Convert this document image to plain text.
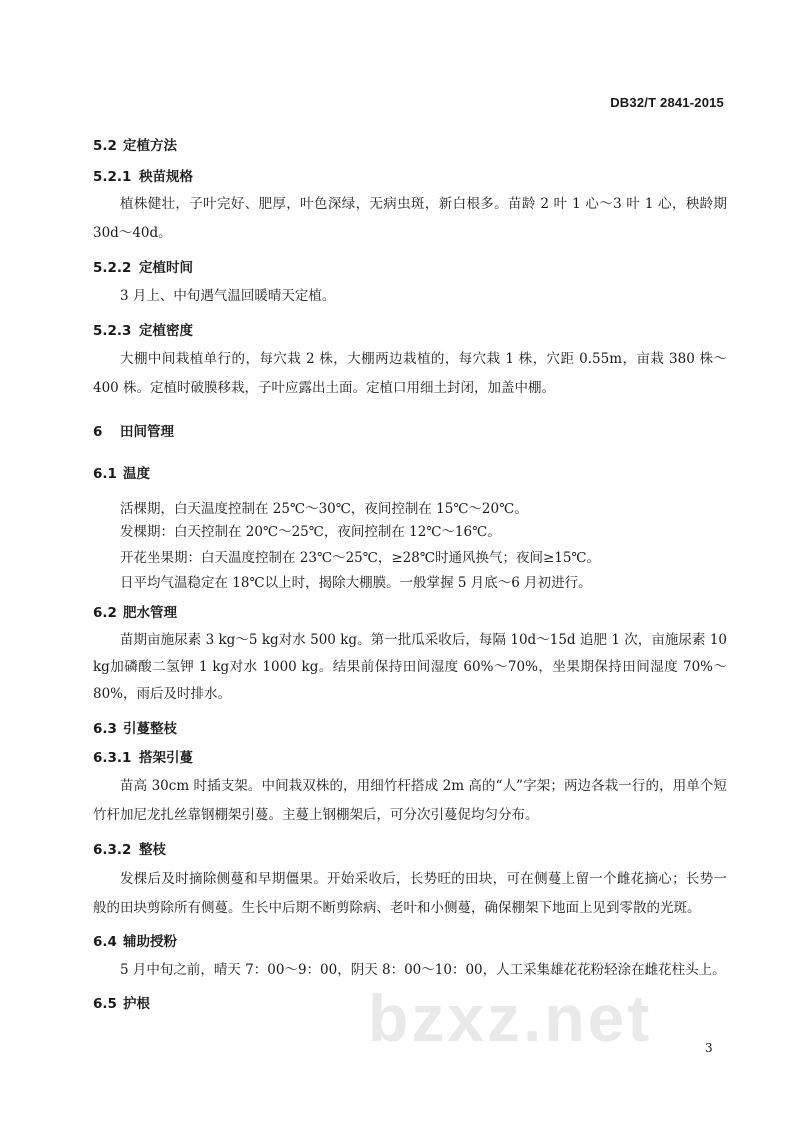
DB32/T 2841-2015
5.2 定植方法
5.2.1 秧苗规格
植株健壮，子叶完好、肥厚，叶色深绿，无病虫斑，新白根多。苗龄 2 叶 1 心～3 叶 1 心，秧龄期 30d～40d。
5.2.2 定植时间
3 月上、中旬遇气温回暖晴天定植。
5.2.3 定植密度
大棚中间栽植单行的，每穴栽 2 株，大棚两边栽植的，每穴栽 1 株，穴距 0.55m，亩栽 380 株～400 株。定植时破膜移栽，子叶应露出土面。定植口用细土封闭，加盖中棚。
6 田间管理
6.1 温度
活棵期，白天温度控制在 25℃～30℃，夜间控制在 15℃～20℃。
发棵期：白天控制在 20℃～25℃，夜间控制在 12℃～16℃。
开花坐果期：白天温度控制在 23℃～25℃，≥28℃时通风换气；夜间≥15℃。
日平均气温稳定在 18℃以上时，揭除大棚膜。一般掌握 5 月底～6 月初进行。
6.2 肥水管理
苗期亩施尿素 3 kg～5 kg对水 500 kg。第一批瓜采收后，每隔 10d～15d 追肥 1 次，亩施尿素 10 kg加磷酸二氢钾 1 kg对水 1000 kg。结果前保持田间湿度 60%～70%，坐果期保持田间湿度 70%～80%，雨后及时排水。
6.3 引蔓整枝
6.3.1 搭架引蔓
苗高 30cm 时插支架。中间栽双株的，用细竹杆搭成 2m 高的“人”字架；两边各栽一行的，用单个短竹杆加尼龙扎丝靠钢棚架引蔓。主蔓上钢棚架后，可分次引蔓促均匀分布。
6.3.2 整枝
发棵后及时摘除侧蔓和早期僵果。开始采收后，长势旺的田块，可在侧蔓上留一个雌花摘心；长势一般的田块剪除所有侧蔓。生长中后期不断剪除病、老叶和小侧蔓，确保棚架下地面上见到零散的光斑。
6.4 辅助授粉
5 月中旬之前，晴天 7：00～9：00，阴天 8：00～10：00，人工采集雄花花粉轻涂在雌花柱头上。
bzxz.net
6.5 护根
3
